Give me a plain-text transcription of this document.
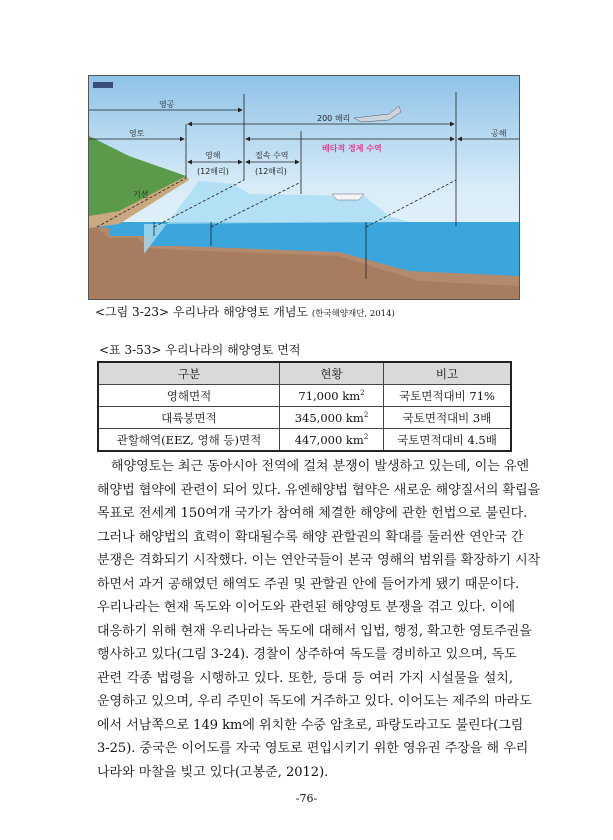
영공
200 해리
영토	공해
배타적 경제 수역
영해
(12해리)
접속 수역
(12해리)
기선
<그림 3-23> 우리나라 해양영토 개념도 (한국해양재단, 2014)
<표 3-53> 우리나라의 해양영토 면적
구분	현황	비고
영해면적	71,000 $km^2$	국토면적대비 71%
대륙붕면적	345,000 $km^2$	국토면적대비 3배
관할해역(EEZ, 영해 등)면적	447,000 $km^2$	국토면적대비 4.5배
해양영토는 최근 동아시아 전역에 걸쳐 분쟁이 발생하고 있는데, 이는 유엔
해양법 협약에 관련이 되어 있다. 유엔해양법 협약은 새로운 해양질서의 확립을
목표로 전세계 150여개 국가가 참여해 체결한 해양에 관한 헌법으로 불린다.
그러나 해양법의 효력이 확대될수록 해양 관할권의 확대를 둘러싼 연안국 간
분쟁은 격화되기 시작했다. 이는 연안국들이 본국 영해의 범위를 확장하기 시작
하면서 과거 공해였던 해역도 주권 및 관할권 안에 들어가게 됐기 때문이다.
우리나라는 현재 독도와 이어도와 관련된 해양영토 분쟁을 겪고 있다. 이에
대응하기 위해 현재 우리나라는 독도에 대해서 입법, 행정, 확고한 영토주권을
행사하고 있다(그림 3-24). 경찰이 상주하여 독도를 경비하고 있으며, 독도
관련 각종 법령을 시행하고 있다. 또한, 등대 등 여러 가지 시설물을 설치,
운영하고 있으며, 우리 주민이 독도에 거주하고 있다. 이어도는 제주의 마라도
에서 서남쪽으로 149 km에 위치한 수중 암초로, 파랑도라고도 불린다(그림
3-25). 중국은 이어도를 자국 영토로 편입시키기 위한 영유권 주장을 해 우리
나라와 마찰을 빚고 있다(고봉준, 2012).
-76-
